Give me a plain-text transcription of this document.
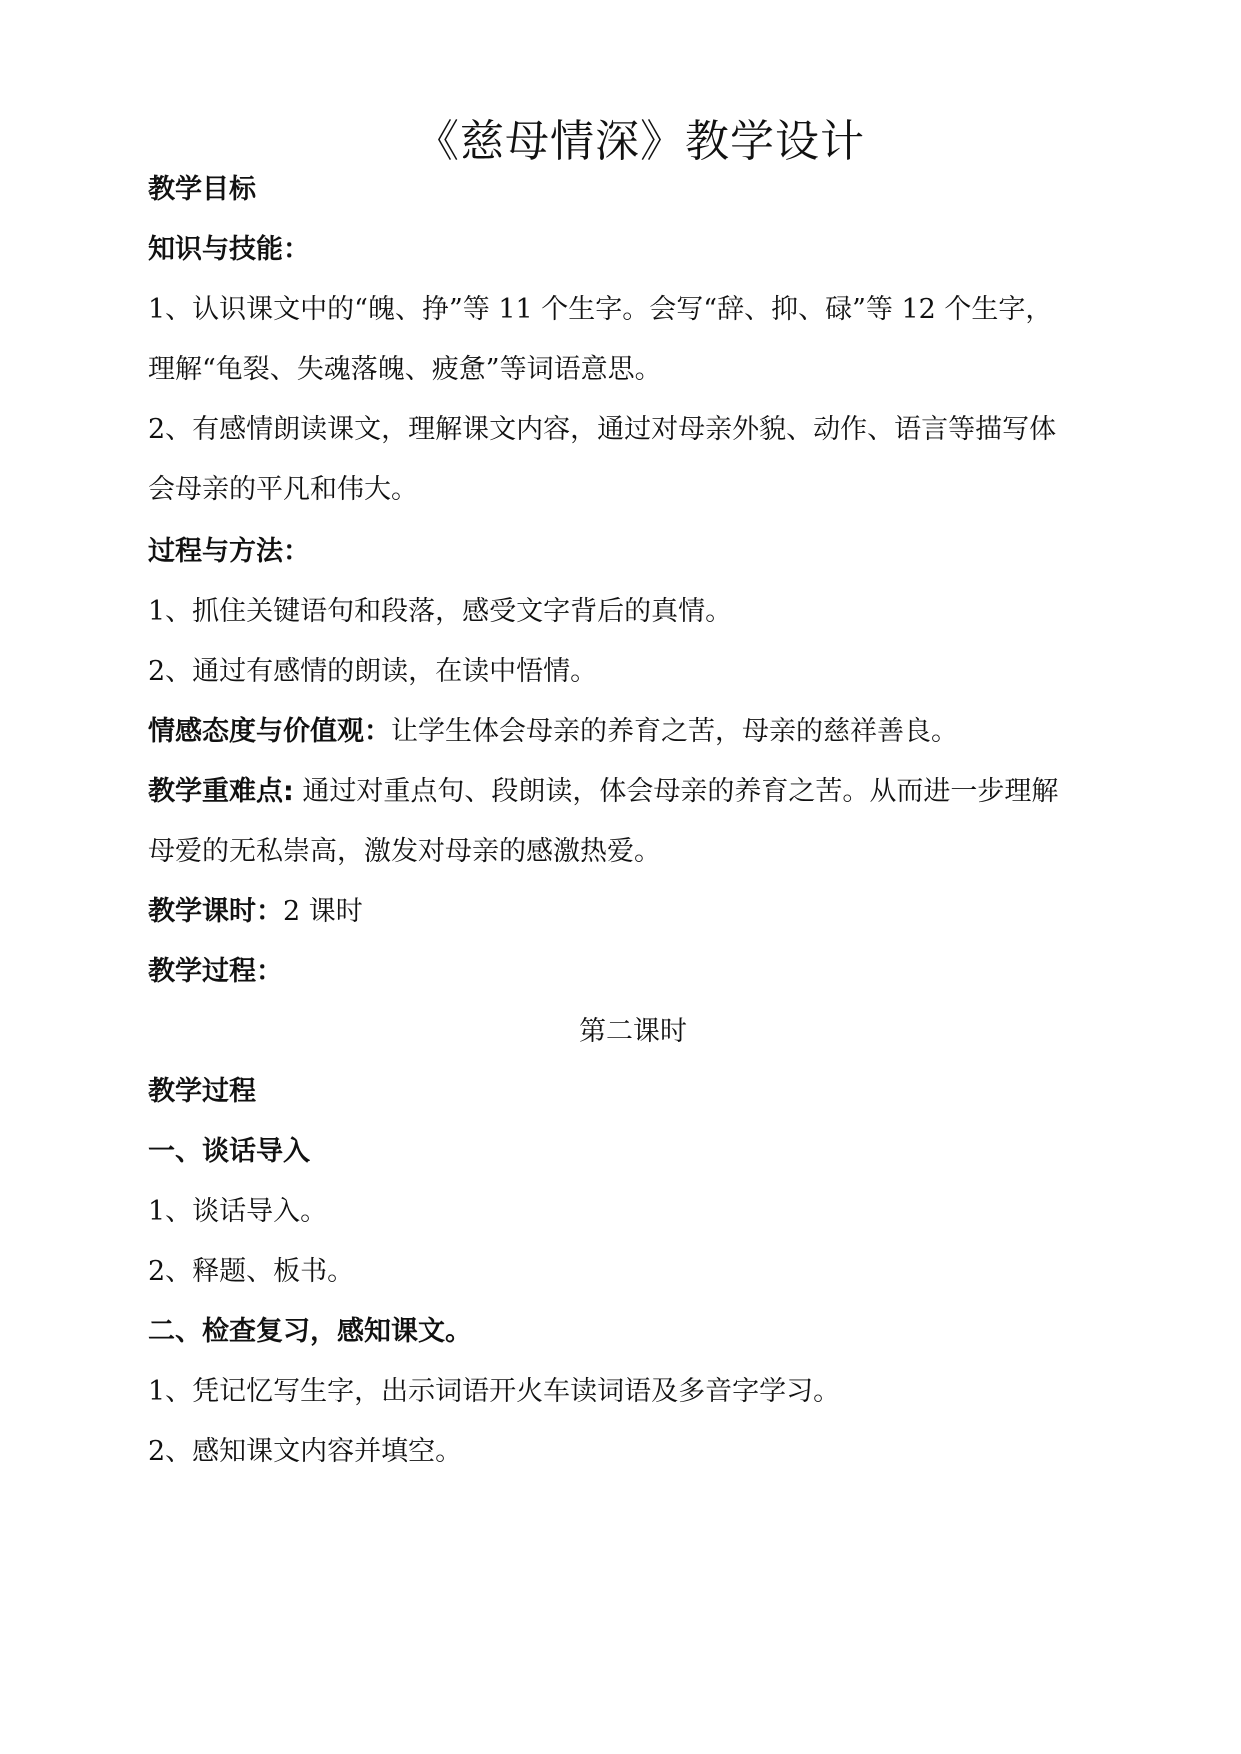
《慈母情深》教学设计
教学目标
知识与技能：
1、认识课文中的“魄、挣”等 11 个生字。会写“辞、抑、碌”等 12 个生字，
理解“龟裂、失魂落魄、疲惫”等词语意思。
2、有感情朗读课文，理解课文内容，通过对母亲外貌、动作、语言等描写体
会母亲的平凡和伟大。
过程与方法：
1、抓住关键语句和段落，感受文字背后的真情。
2、通过有感情的朗读，在读中悟情。
情感态度与价值观：让学生体会母亲的养育之苦，母亲的慈祥善良。
教学重难点: 通过对重点句、段朗读，体会母亲的养育之苦。从而进一步理解
母爱的无私崇高，激发对母亲的感激热爱。
教学课时：2 课时
教学过程：
第二课时
教学过程
一、谈话导入
1、谈话导入。
2、释题、板书。
二、检查复习，感知课文。
1、凭记忆写生字，出示词语开火车读词语及多音字学习。
2、感知课文内容并填空。
